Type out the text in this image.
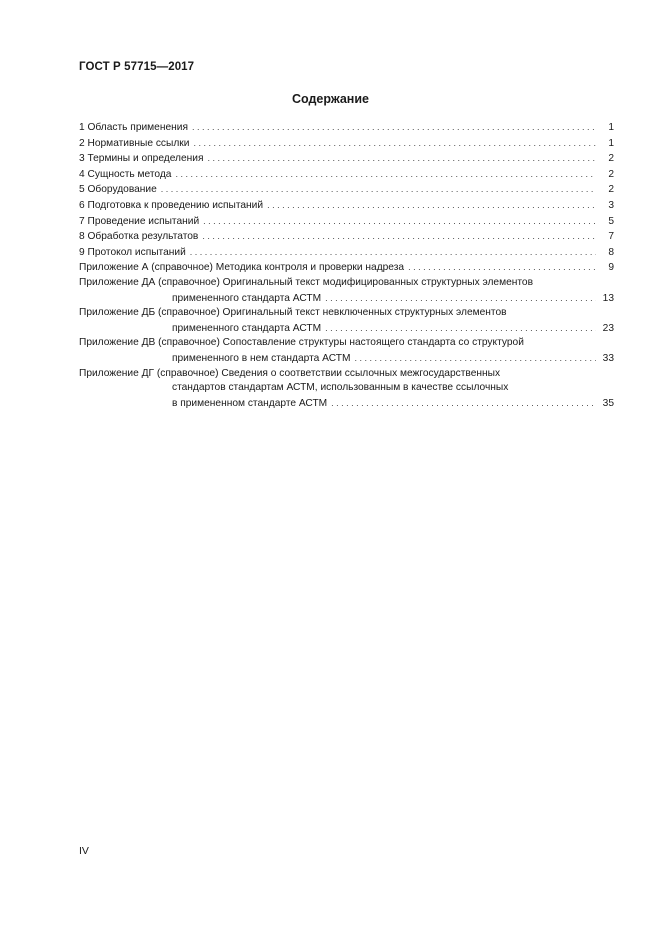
ГОСТ Р 57715—2017
Содержание
1 Область применения . . .	1
2 Нормативные ссылки . . .	1
3 Термины и определения . . .	2
4 Сущность метода . . .	2
5 Оборудование . . .	2
6 Подготовка к проведению испытаний . . .	3
7 Проведение испытаний . . .	5
8 Обработка результатов . . .	7
9 Протокол испытаний . . .	8
Приложение А (справочное) Методика контроля и проверки надреза . . .	9
Приложение ДА (справочное) Оригинальный текст модифицированных структурных элементов
примененного стандарта АСТМ . . .	13
Приложение ДБ (справочное) Оригинальный текст невключенных структурных элементов
примененного стандарта АСТМ . . .	23
Приложение ДВ (справочное) Сопоставление структуры настоящего стандарта со структурой
примененного в нем стандарта АСТМ . . .	33
Приложение ДГ (справочное) Сведения о соответствии ссылочных межгосударственных
стандартов стандартам АСТМ, использованным в качестве ссылочных
в примененном стандарте АСТМ . . .	35
IV
